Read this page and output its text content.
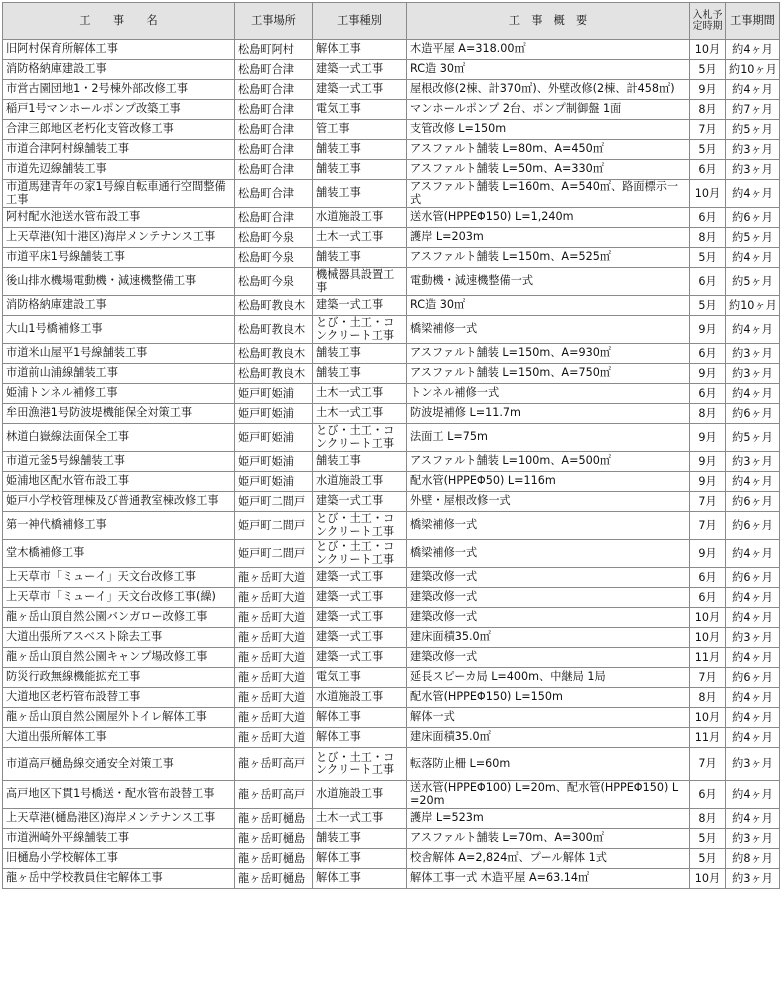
工　　事　　名	工事場所	工事種別	工　事　概　要	入札予定時期	工事期間
旧阿村保育所解体工事	松島町阿村	解体工事	木造平屋 A=318.00㎡	10月	約4ヶ月
消防格納庫建設工事	松島町合津	建築一式工事	RC造 30㎡	5月	約10ヶ月
市営古園団地1・2号棟外部改修工事	松島町合津	建築一式工事	屋根改修(2棟、計370㎡)、外壁改修(2棟、計458㎡)	9月	約4ヶ月
稲戸1号マンホールポンプ改築工事	松島町合津	電気工事	マンホールポンプ 2台、ポンプ制御盤 1面	8月	約7ヶ月
合津三郎地区老朽化支管改修工事	松島町合津	管工事	支管改修 L=150m	7月	約5ヶ月
市道合津阿村線舗装工事	松島町合津	舗装工事	アスファルト舗装 L=80m、A=450㎡	5月	約3ヶ月
市道先辺線舗装工事	松島町合津	舗装工事	アスファルト舗装 L=50m、A=330㎡	6月	約3ヶ月
市道馬建青年の家1号線自転車通行空間整備工事	松島町合津	舗装工事	アスファルト舗装 L=160m、A=540㎡、路面標示一式	10月	約4ヶ月
阿村配水池送水管布設工事	松島町合津	水道施設工事	送水管(HPPEΦ150) L=1,240m	6月	約6ヶ月
上天草港(知十港区)海岸メンテナンス工事	松島町今泉	土木一式工事	護岸 L=203m	8月	約5ヶ月
市道平床1号線舗装工事	松島町今泉	舗装工事	アスファルト舗装 L=150m、A=525㎡	5月	約4ヶ月
後山排水機場電動機・減速機整備工事	松島町今泉	機械器具設置工事	電動機・減速機整備一式	6月	約5ヶ月
消防格納庫建設工事	松島町教良木	建築一式工事	RC造 30㎡	5月	約10ヶ月
大山1号橋補修工事	松島町教良木	とび・土工・コンクリート工事	橋梁補修一式	9月	約4ヶ月
市道米山屋平1号線舗装工事	松島町教良木	舗装工事	アスファルト舗装 L=150m、A=930㎡	6月	約3ヶ月
市道前山浦線舗装工事	松島町教良木	舗装工事	アスファルト舗装 L=150m、A=750㎡	9月	約3ヶ月
姫浦トンネル補修工事	姫戸町姫浦	土木一式工事	トンネル補修一式	6月	約4ヶ月
牟田漁港1号防波堤機能保全対策工事	姫戸町姫浦	土木一式工事	防波堤補修 L=11.7m	8月	約6ヶ月
林道白嶽線法面保全工事	姫戸町姫浦	とび・土工・コンクリート工事	法面工 L=75m	9月	約5ヶ月
市道元釜5号線舗装工事	姫戸町姫浦	舗装工事	アスファルト舗装 L=100m、A=500㎡	9月	約3ヶ月
姫浦地区配水管布設工事	姫戸町姫浦	水道施設工事	配水管(HPPEΦ50) L=116m	9月	約4ヶ月
姫戸小学校管理棟及び普通教室棟改修工事	姫戸町二間戸	建築一式工事	外壁・屋根改修一式	7月	約6ヶ月
第一神代橋補修工事	姫戸町二間戸	とび・土工・コンクリート工事	橋梁補修一式	7月	約6ヶ月
堂木橋補修工事	姫戸町二間戸	とび・土工・コンクリート工事	橋梁補修一式	9月	約4ヶ月
上天草市「ミューイ」天文台改修工事	龍ヶ岳町大道	建築一式工事	建築改修一式	6月	約6ヶ月
上天草市「ミューイ」天文台改修工事(繰)	龍ヶ岳町大道	建築一式工事	建築改修一式	6月	約4ヶ月
龍ヶ岳山頂自然公園バンガロー改修工事	龍ヶ岳町大道	建築一式工事	建築改修一式	10月	約4ヶ月
大道出張所アスベスト除去工事	龍ヶ岳町大道	建築一式工事	建床面積35.0㎡	10月	約3ヶ月
龍ヶ岳山頂自然公園キャンプ場改修工事	龍ヶ岳町大道	建築一式工事	建築改修一式	11月	約4ヶ月
防災行政無線機能拡充工事	龍ヶ岳町大道	電気工事	延長スピーカ局 L=400m、中継局 1局	7月	約6ヶ月
大道地区老朽管布設替工事	龍ヶ岳町大道	水道施設工事	配水管(HPPEΦ150) L=150m	8月	約4ヶ月
龍ヶ岳山頂自然公園屋外トイレ解体工事	龍ヶ岳町大道	解体工事	解体一式	10月	約4ヶ月
大道出張所解体工事	龍ヶ岳町大道	解体工事	建床面積35.0㎡	11月	約4ヶ月
市道高戸樋島線交通安全対策工事	龍ヶ岳町高戸	とび・土工・コンクリート工事	転落防止柵 L=60m	7月	約3ヶ月
高戸地区下貫1号橋送・配水管布設替工事	龍ヶ岳町高戸	水道施設工事	送水管(HPPEΦ100) L=20m、配水管(HPPEΦ150) L=20m	6月	約4ヶ月
上天草港(樋島港区)海岸メンテナンス工事	龍ヶ岳町樋島	土木一式工事	護岸 L=523m	8月	約4ヶ月
市道洲崎外平線舗装工事	龍ヶ岳町樋島	舗装工事	アスファルト舗装 L=70m、A=300㎡	5月	約3ヶ月
旧樋島小学校解体工事	龍ヶ岳町樋島	解体工事	校舎解体 A=2,824㎡、プール解体 1式	5月	約8ヶ月
龍ヶ岳中学校教員住宅解体工事	龍ヶ岳町樋島	解体工事	解体工事一式 木造平屋 A=63.14㎡	10月	約3ヶ月
